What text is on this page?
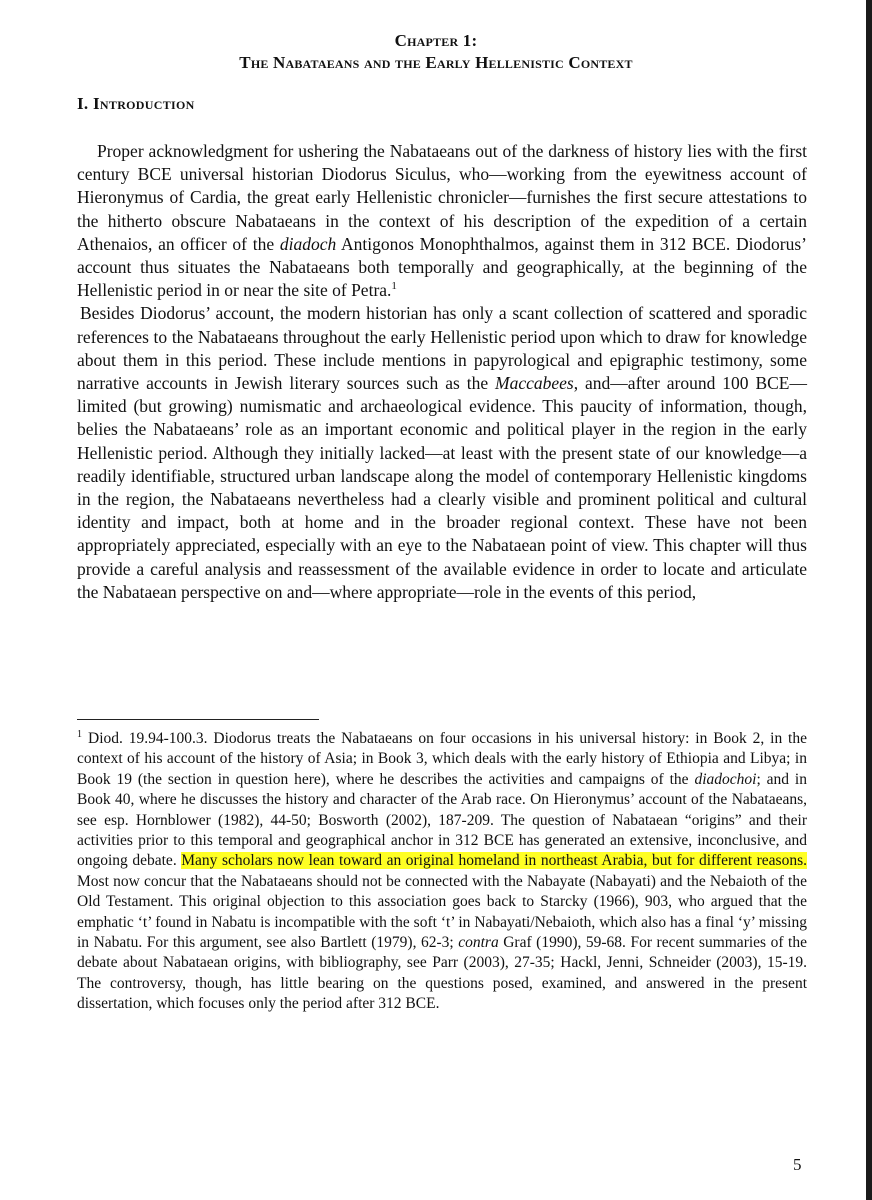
Chapter 1:
The Nabataeans and the Early Hellenistic Context
I. Introduction

Proper acknowledgment for ushering the Nabataeans out of the darkness of history lies with the first century BCE universal historian Diodorus Siculus, who—working from the eyewitness account of Hieronymus of Cardia, the great early Hellenistic chronicler—furnishes the first secure attestations to the hitherto obscure Nabataeans in the context of his description of the expedition of a certain Athenaios, an officer of the diadoch Antigonos Monophthalmos, against them in 312 BCE. Diodorus’ account thus situates the Nabataeans both temporally and geographically, at the beginning of the Hellenistic period in or near the site of Petra.$^1$

Besides Diodorus’ account, the modern historian has only a scant collection of scattered and sporadic references to the Nabataeans throughout the early Hellenistic period upon which to draw for knowledge about them in this period. These include mentions in papyrological and epigraphic testimony, some narrative accounts in Jewish literary sources such as the Maccabees, and—after around 100 BCE—limited (but growing) numismatic and archaeological evidence. This paucity of information, though, belies the Nabataeans’ role as an important economic and political player in the region in the early Hellenistic period. Although they initially lacked—at least with the present state of our knowledge—a readily identifiable, structured urban landscape along the model of contemporary Hellenistic kingdoms in the region, the Nabataeans nevertheless had a clearly visible and prominent political and cultural identity and impact, both at home and in the broader regional context. These have not been appropriately appreciated, especially with an eye to the Nabataean point of view. This chapter will thus provide a careful analysis and reassessment of the available evidence in order to locate and articulate the Nabataean perspective on and—where appropriate—role in the events of this period,

$^1$ Diod. 19.94-100.3. Diodorus treats the Nabataeans on four occasions in his universal history: in Book 2, in the context of his account of the history of Asia; in Book 3, which deals with the early history of Ethiopia and Libya; in Book 19 (the section in question here), where he describes the activities and campaigns of the diadochoi; and in Book 40, where he discusses the history and character of the Arab race. On Hieronymus’ account of the Nabataeans, see esp. Hornblower (1982), 44-50; Bosworth (2002), 187-209. The question of Nabataean “origins” and their activities prior to this temporal and geographical anchor in 312 BCE has generated an extensive, inconclusive, and ongoing debate. Many scholars now lean toward an original homeland in northeast Arabia, but for different reasons. Most now concur that the Nabataeans should not be connected with the Nabayate (Nabayati) and the Nebaioth of the Old Testament. This original objection to this association goes back to Starcky (1966), 903, who argued that the emphatic ‘t’ found in Nabatu is incompatible with the soft ‘t’ in Nabayati/Nebaioth, which also has a final ‘y’ missing in Nabatu. For this argument, see also Bartlett (1979), 62-3; contra Graf (1990), 59-68. For recent summaries of the debate about Nabataean origins, with bibliography, see Parr (2003), 27-35; Hackl, Jenni, Schneider (2003), 15-19. The controversy, though, has little bearing on the questions posed, examined, and answered in the present dissertation, which focuses only the period after 312 BCE.

5
